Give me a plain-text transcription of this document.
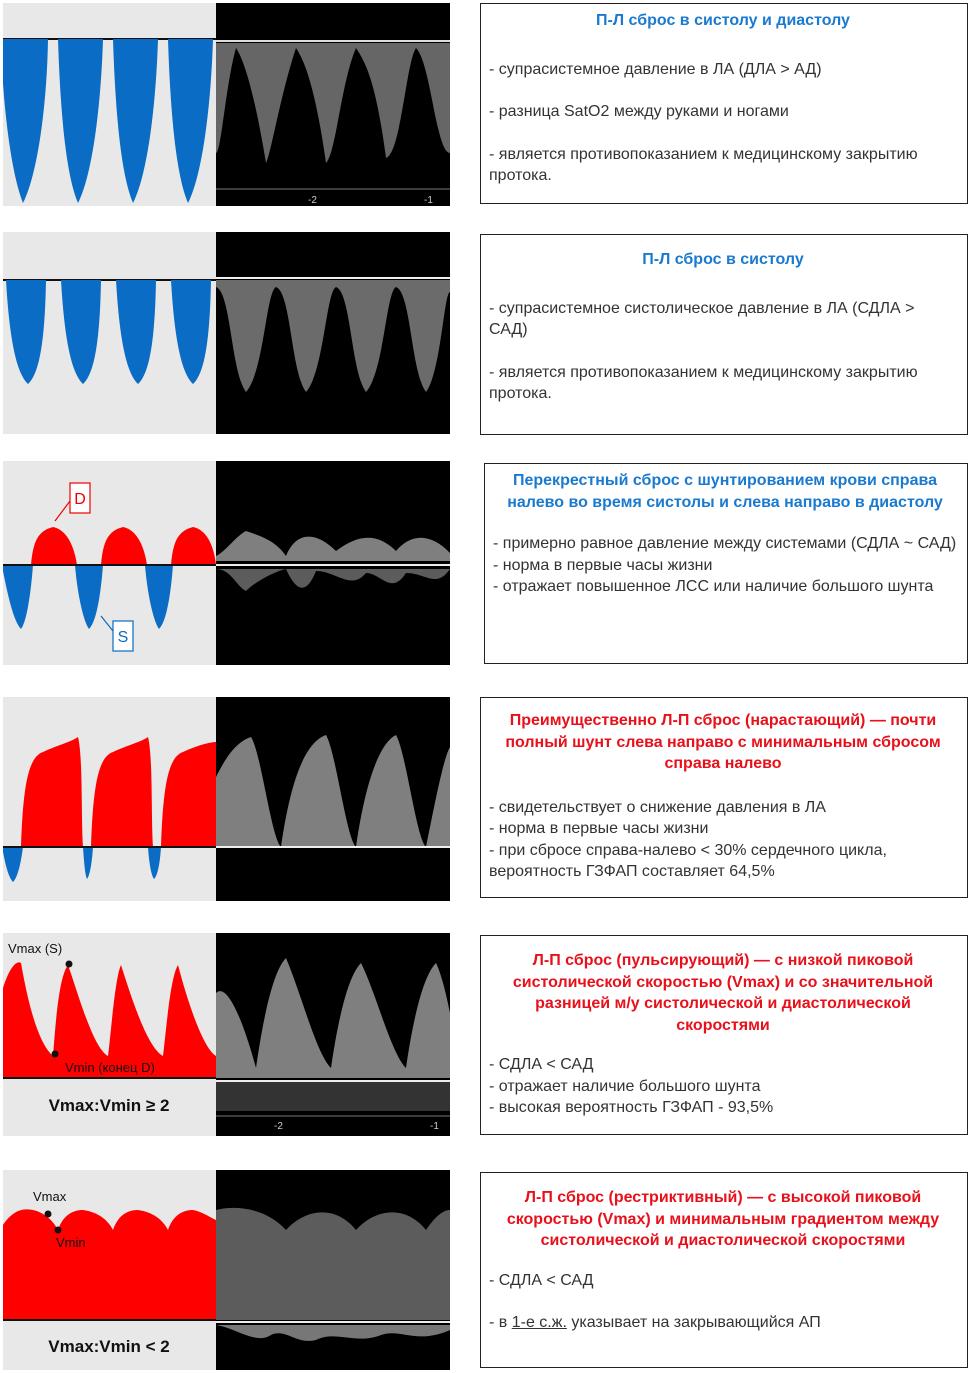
-2	-1
П-Л сброс в систолу и диастолу

- супрасистемное давление в ЛА (ДЛА > АД)

- разница SatO2 между руками и ногами

- является противопоказанием к медицинскому закрытию протока.

П-Л сброс в систолу

- супрасистемное систолическое давление в ЛА (СДЛА > САД)

- является противопоказанием к медицинскому закрытию протока.

D
S
Перекрестный сброс с шунтированием крови справа налево во время систолы и слева направо в диастолу

- примерно равное давление между системами (СДЛА ~ САД)

- норма в первые часы жизни

- отражает повышенное ЛСС или наличие большого шунта

Преимущественно Л-П сброс (нарастающий) — почти полный шунт слева направо с минимальным сбросом справа налево

- свидетельствует о снижение давления в ЛА

- норма в первые часы жизни

- при сбросе справа-налево < 30% сердечного цикла, вероятность ГЗФАП составляет 64,5%

Vmax (S)
Vmin (конец D)
Vmax:Vmin ≥ 2
-2	-1
Л-П сброс (пульсирующий) — с низкой пиковой систолической скоростью (Vmax) и со значительной разницей м/у систолической и диастолической скоростями

- СДЛА < САД

- отражает наличие большого шунта

- высокая вероятность ГЗФАП - 93,5%

Vmax
Vmin
Vmax:Vmin < 2
Л-П сброс (рестриктивный) — с высокой пиковой скоростью (Vmax) и минимальным градиентом между систолической и диастолической скоростями

- СДЛА < САД

- в 1-е с.ж. указывает на закрывающийся АП
